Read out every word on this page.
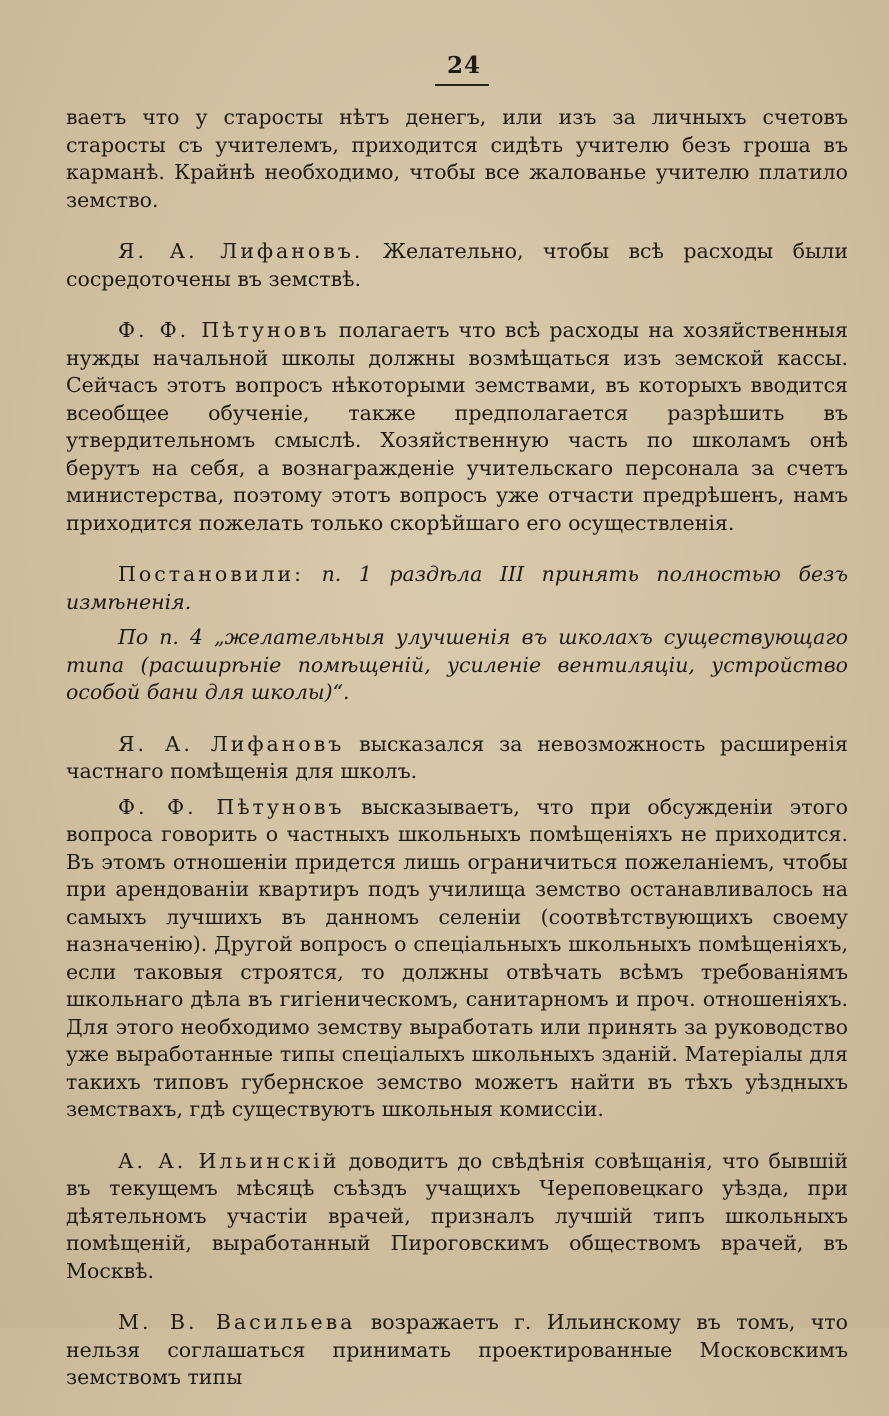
24

ваетъ что у старосты нѣтъ денегъ, или изъ за личныхъ счетовъ старосты съ учителемъ, приходится сидѣть учителю безъ гроша въ карманѣ. Крайнѣ необходимо, чтобы все жалованье учителю платило земство.

Я. А. Лифановъ. Желательно, чтобы всѣ расходы были сосредоточены въ земствѣ.

Ф. Ф. Пѣтуновъ полагаетъ что всѣ расходы на хозяйственныя нужды начальной школы должны возмѣщаться изъ земской кассы. Сейчасъ этотъ вопросъ нѣкоторыми земствами, въ которыхъ вводится всеобщее обученіе, также предполагается разрѣшить въ утвердительномъ смыслѣ. Хозяйственную часть по школамъ онѣ берутъ на себя, а вознагражденіе учительскаго персонала за счетъ министерства, поэтому этотъ вопросъ уже отчасти предрѣшенъ, намъ приходится пожелать только скорѣйшаго его осуществленія.

Постановили: п. 1 раздѣла III принять полностью безъ измѣненія.

По п. 4 „желательныя улучшенія въ школахъ существующаго типа (расширѣніе помѣщеній, усиленіе вентиляціи, устройство особой бани для школы)“.

Я. А. Лифановъ высказался за невозможность расширенія частнаго помѣщенія для школъ.

Ф. Ф. Пѣтуновъ высказываетъ, что при обсужденіи этого вопроса говорить о частныхъ школьныхъ помѣщеніяхъ не приходится. Въ этомъ отношеніи придется лишь ограничиться пожеланіемъ, чтобы при арендованіи квартиръ подъ училища земство останавливалось на самыхъ лучшихъ въ данномъ селеніи (соотвѣтствующихъ своему назначенію). Другой вопросъ о спеціальныхъ школьныхъ помѣщеніяхъ, если таковыя строятся, то должны отвѣчать всѣмъ требованіямъ школьнаго дѣла въ гигіеническомъ, санитарномъ и проч. отношеніяхъ. Для этого необходимо земству выработать или принять за руководство уже выработанные типы спеціалыхъ школьныхъ зданій. Матеріалы для такихъ типовъ губернское земство можетъ найти въ тѣхъ уѣздныхъ земствахъ, гдѣ существуютъ школьныя комиссіи.

А. А. Ильинскій доводитъ до свѣдѣнія совѣщанія, что бывшій въ текущемъ мѣсяцѣ съѣздъ учащихъ Череповецкаго уѣзда, при дѣятельномъ участіи врачей, призналъ лучшій типъ школьныхъ помѣщеній, выработанный Пироговскимъ обществомъ врачей, въ Москвѣ.

М. В. Васильева возражаетъ г. Ильинскому въ томъ, что нельзя соглашаться принимать проектированные Московскимъ земствомъ типы
